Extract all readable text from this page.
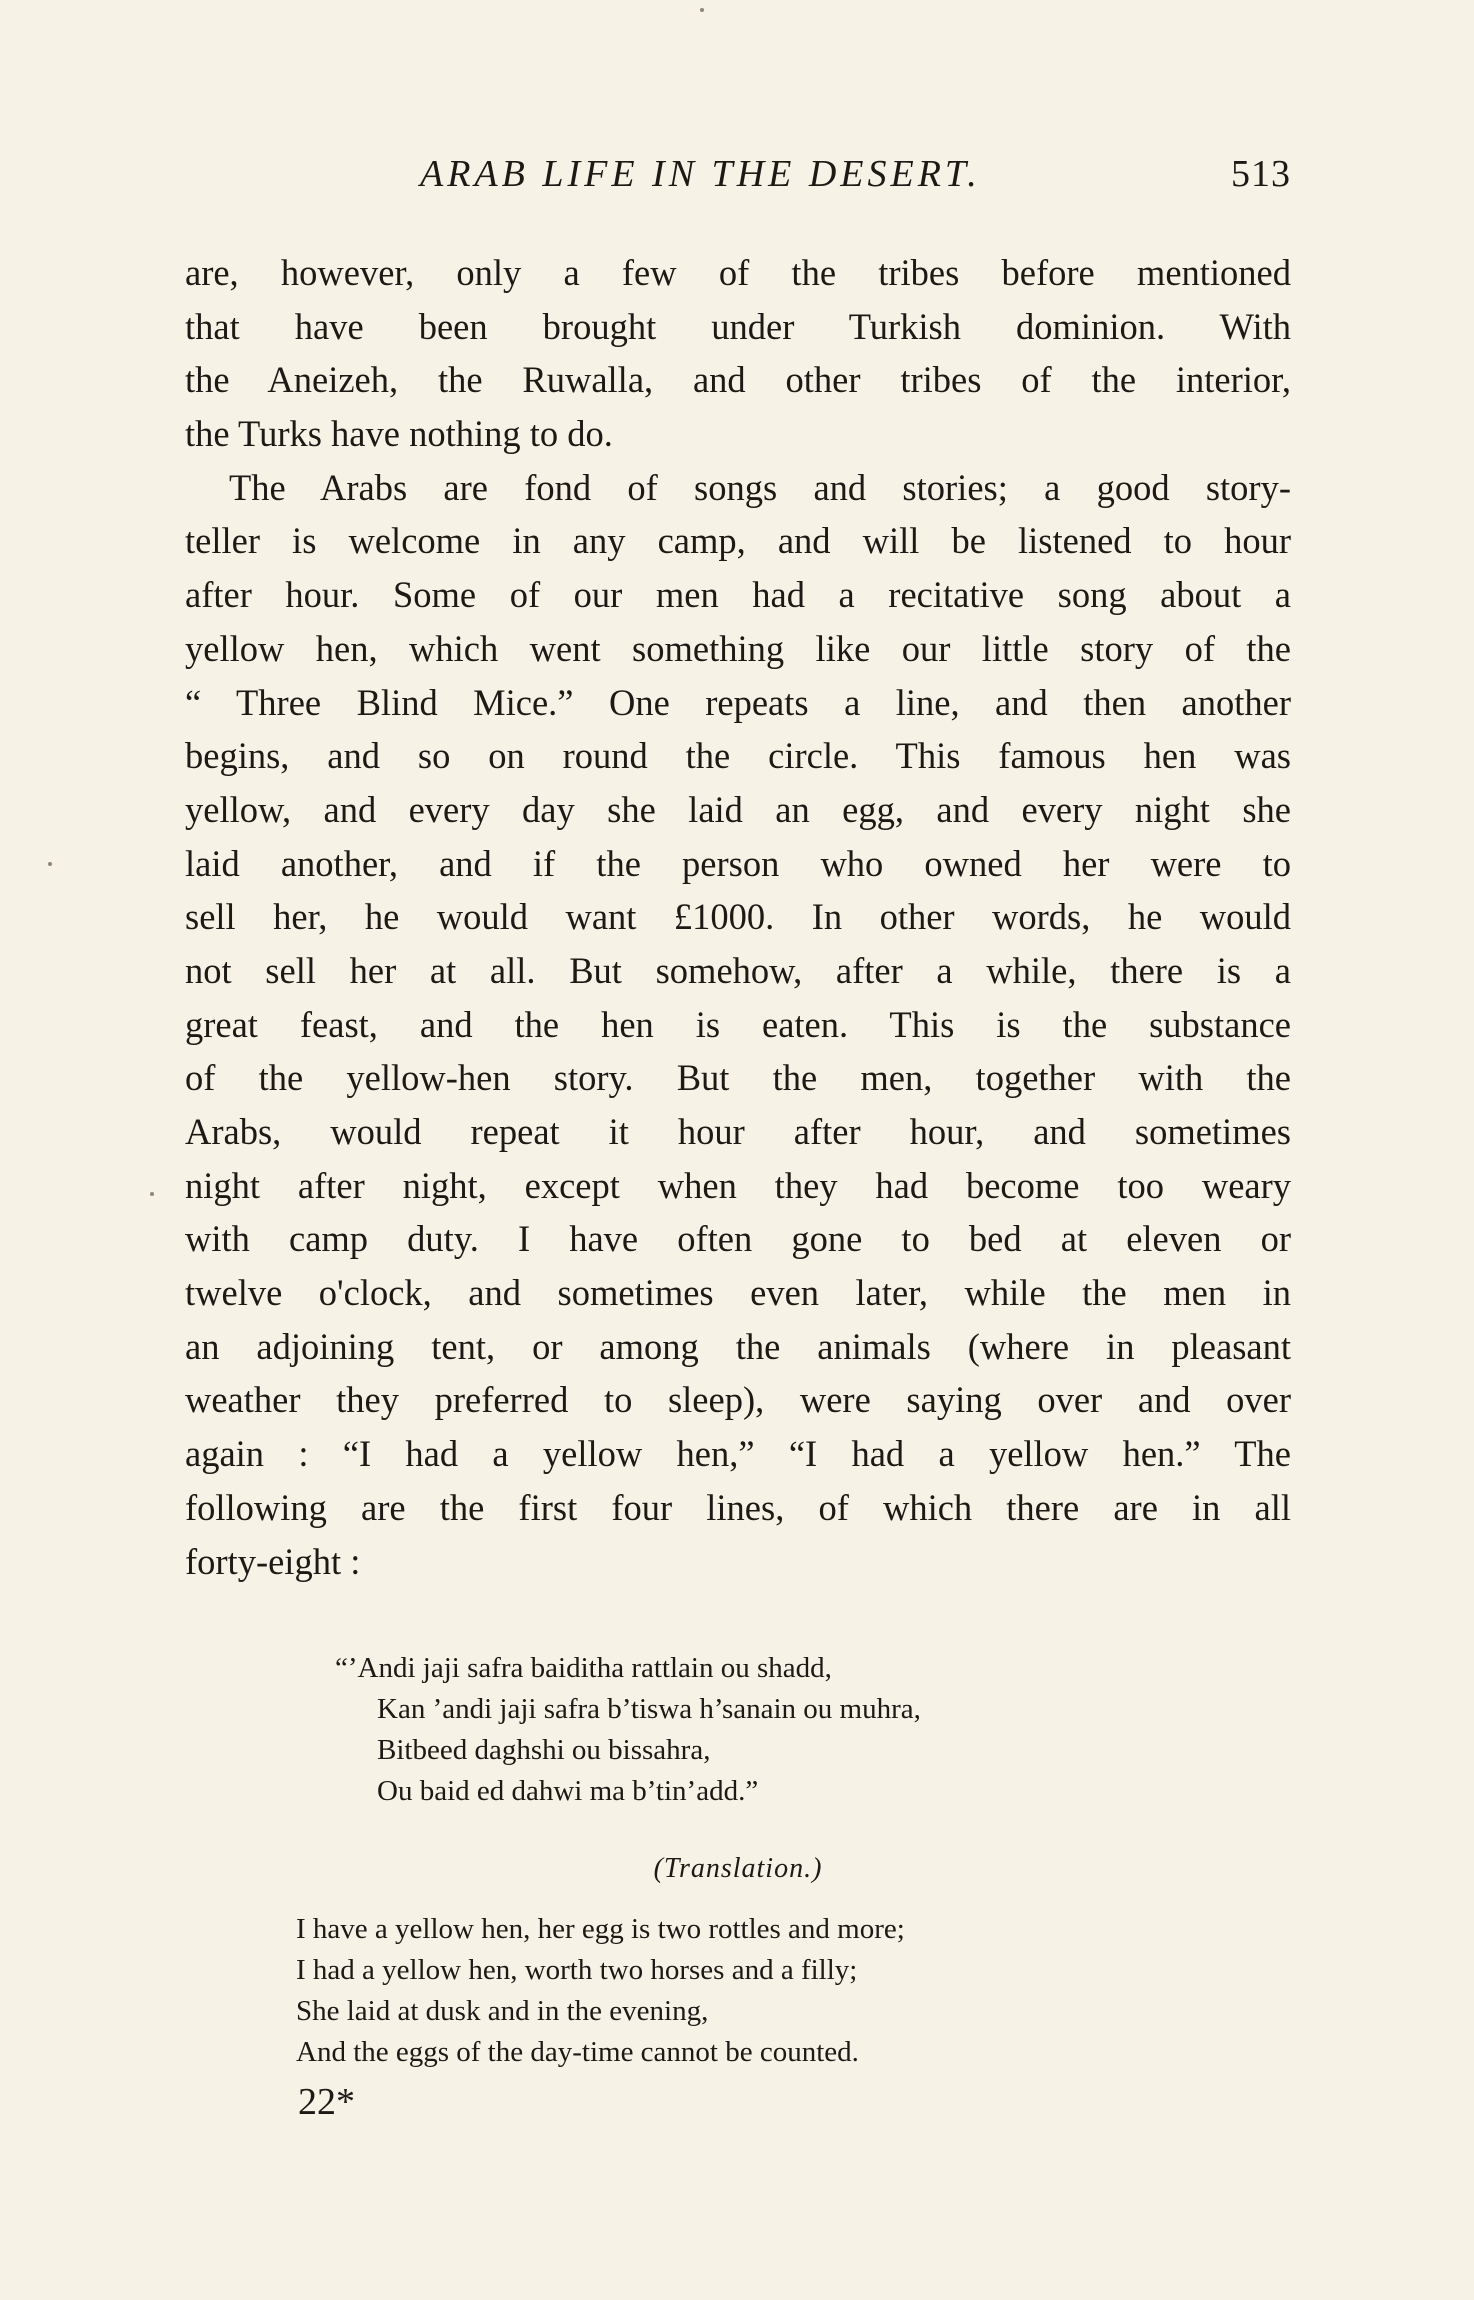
ARAB LIFE IN THE DESERT.	513
are, however, only a few of the tribes before mentioned
that have been brought under Turkish dominion. With
the Aneizeh, the Ruwalla, and other tribes of the interior,
the Turks have nothing to do.
The Arabs are fond of songs and stories; a good story-
teller is welcome in any camp, and will be listened to hour
after hour. Some of our men had a recitative song about a
yellow hen, which went something like our little story of the
“ Three Blind Mice.” One repeats a line, and then another
begins, and so on round the circle. This famous hen was
yellow, and every day she laid an egg, and every night she
laid another, and if the person who owned her were to
sell her, he would want £1000. In other words, he would
not sell her at all. But somehow, after a while, there is a
great feast, and the hen is eaten. This is the substance
of the yellow-hen story. But the men, together with the
Arabs, would repeat it hour after hour, and sometimes
night after night, except when they had become too weary
with camp duty. I have often gone to bed at eleven or
twelve o'clock, and sometimes even later, while the men in
an adjoining tent, or among the animals (where in pleasant
weather they preferred to sleep), were saying over and over
again : “I had a yellow hen,” “I had a yellow hen.” The
following are the first four lines, of which there are in all
forty-eight :
“’Andi jaji safra baiditha rattlain ou shadd,
Kan ’andi jaji safra b’tiswa h’sanain ou muhra,
Bitbeed daghshi ou bissahra,
Ou baid ed dahwi ma b’tin’add.”
(Translation.)
I have a yellow hen, her egg is two rottles and more;
I had a yellow hen, worth two horses and a filly;
She laid at dusk and in the evening,
And the eggs of the day-time cannot be counted.
22*
